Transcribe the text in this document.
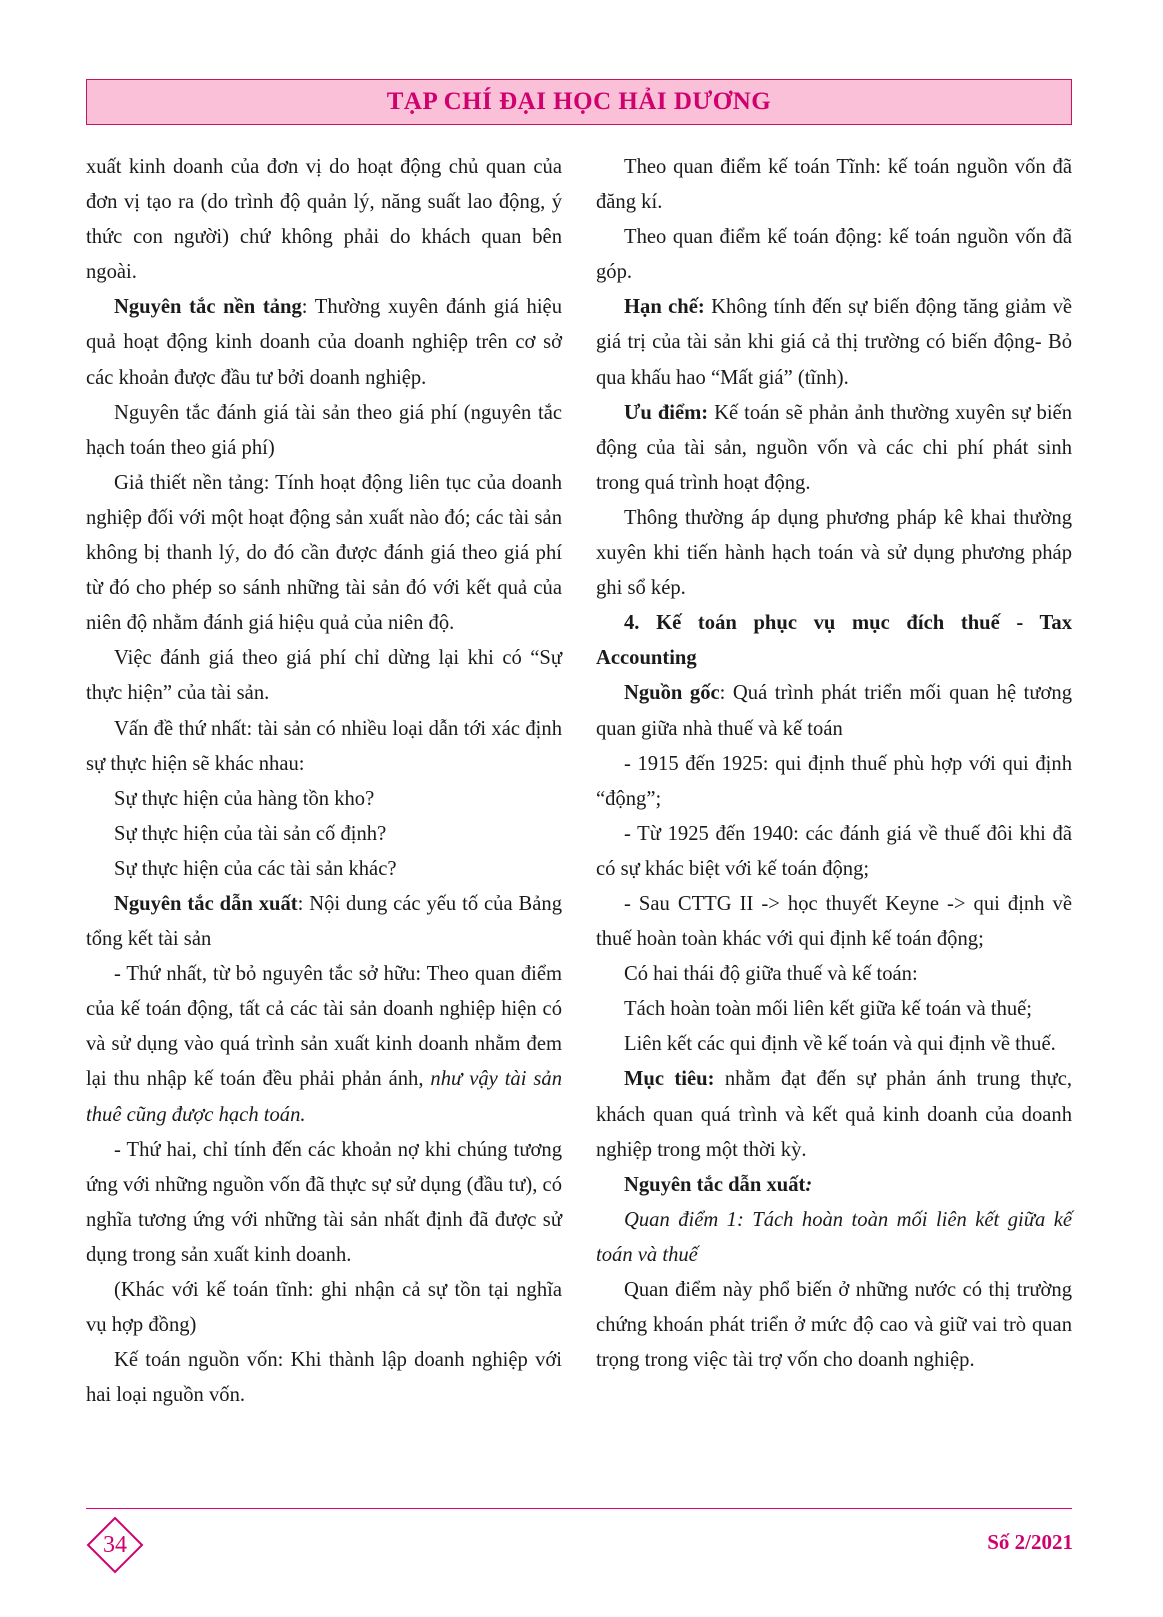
TẠP CHÍ ĐẠI HỌC HẢI DƯƠNG

xuất kinh doanh của đơn vị do hoạt động chủ quan của đơn vị tạo ra (do trình độ quản lý, năng suất lao động, ý thức con người) chứ không phải do khách quan bên ngoài.

Nguyên tắc nền tảng: Thường xuyên đánh giá hiệu quả hoạt động kinh doanh của doanh nghiệp trên cơ sở các khoản được đầu tư bởi doanh nghiệp.

Nguyên tắc đánh giá tài sản theo giá phí (nguyên tắc hạch toán theo giá phí)

Giả thiết nền tảng: Tính hoạt động liên tục của doanh nghiệp đối với một hoạt động sản xuất nào đó; các tài sản không bị thanh lý, do đó cần được đánh giá theo giá phí từ đó cho phép so sánh những tài sản đó với kết quả của niên độ nhằm đánh giá hiệu quả của niên độ.

Việc đánh giá theo giá phí chỉ dừng lại khi có “Sự thực hiện” của tài sản.

Vấn đề thứ nhất: tài sản có nhiều loại dẫn tới xác định sự thực hiện sẽ khác nhau:

Sự thực hiện của hàng tồn kho?

Sự thực hiện của tài sản cố định?

Sự thực hiện của các tài sản khác?

Nguyên tắc dẫn xuất: Nội dung các yếu tố của Bảng tổng kết tài sản

- Thứ nhất, từ bỏ nguyên tắc sở hữu: Theo quan điểm của kế toán động, tất cả các tài sản doanh nghiệp hiện có và sử dụng vào quá trình sản xuất kinh doanh nhằm đem lại thu nhập kế toán đều phải phản ánh, như vậy tài sản thuê cũng được hạch toán.

- Thứ hai, chỉ tính đến các khoản nợ khi chúng tương ứng với những nguồn vốn đã thực sự sử dụng (đầu tư), có nghĩa tương ứng với những tài sản nhất định đã được sử dụng trong sản xuất kinh doanh.

(Khác với kế toán tĩnh: ghi nhận cả sự tồn tại nghĩa vụ hợp đồng)

Kế toán nguồn vốn: Khi thành lập doanh nghiệp với hai loại nguồn vốn.

Theo quan điểm kế toán Tĩnh: kế toán nguồn vốn đã đăng kí.

Theo quan điểm kế toán động: kế toán nguồn vốn đã góp.

Hạn chế: Không tính đến sự biến động tăng giảm về giá trị của tài sản khi giá cả thị trường có biến động- Bỏ qua khấu hao “Mất giá” (tĩnh).

Ưu điểm: Kế toán sẽ phản ảnh thường xuyên sự biến động của tài sản, nguồn vốn và các chi phí phát sinh trong quá trình hoạt động.

Thông thường áp dụng phương pháp kê khai thường xuyên khi tiến hành hạch toán và sử dụng phương pháp ghi sổ kép.

4. Kế toán phục vụ mục đích thuế - Tax Accounting

Nguồn gốc: Quá trình phát triển mối quan hệ tương quan giữa nhà thuế và kế toán

- 1915 đến 1925: qui định thuế phù hợp với qui định “động”;

- Từ 1925 đến 1940: các đánh giá về thuế đôi khi đã có sự khác biệt với kế toán động;

- Sau CTTG II -> học thuyết Keyne -> qui định về thuế hoàn toàn khác với qui định kế toán động;

Có hai thái độ giữa thuế và kế toán:

Tách hoàn toàn mối liên kết giữa kế toán và thuế;

Liên kết các qui định về kế toán và qui định về thuế.

Mục tiêu: nhằm đạt đến sự phản ánh trung thực, khách quan quá trình và kết quả kinh doanh của doanh nghiệp trong một thời kỳ.

Nguyên tắc dẫn xuất:

Quan điểm 1: Tách hoàn toàn mối liên kết giữa kế toán và thuế

Quan điểm này phổ biến ở những nước có thị trường chứng khoán phát triển ở mức độ cao và giữ vai trò quan trọng trong việc tài trợ vốn cho doanh nghiệp.

34	Số 2/2021
